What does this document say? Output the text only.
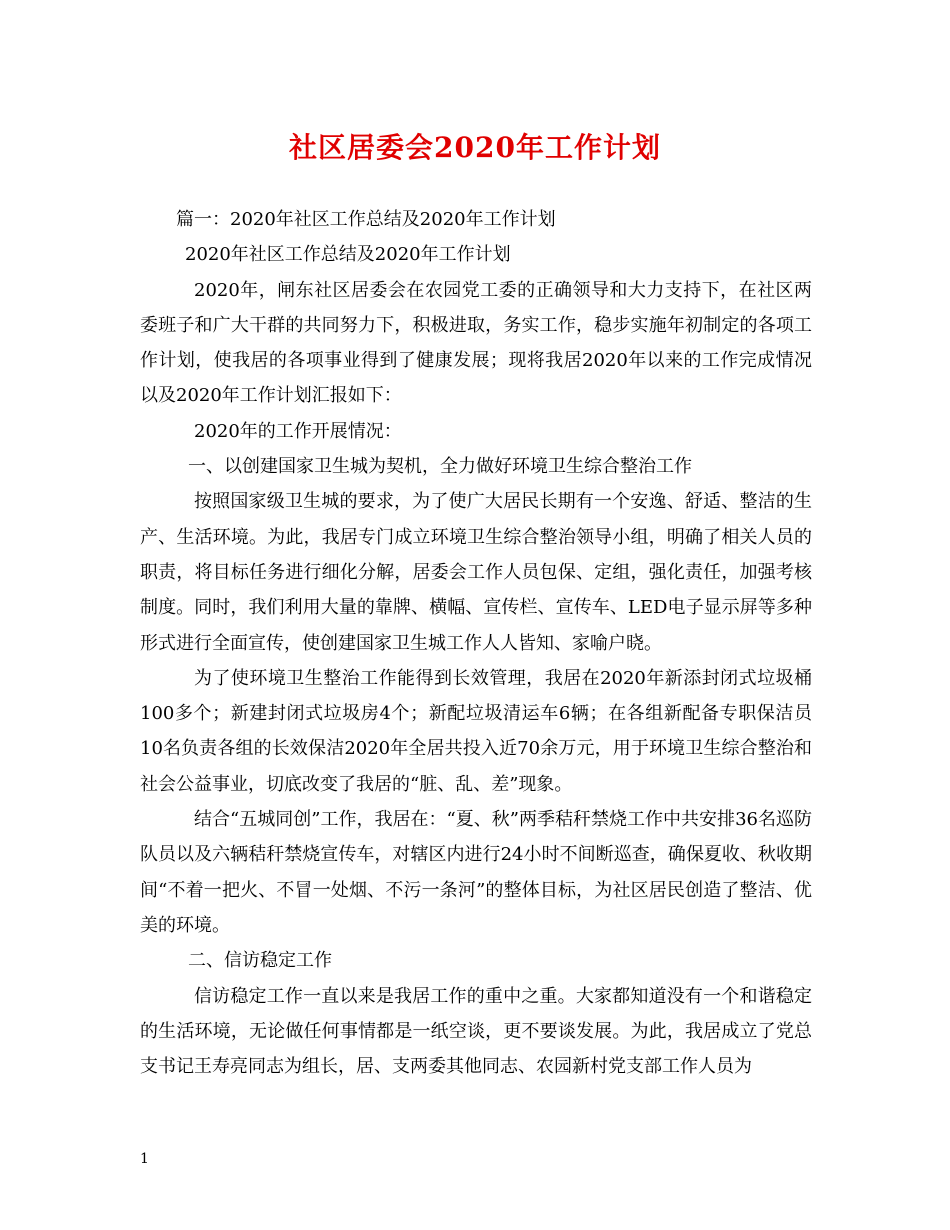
社区居委会2020年工作计划

篇一：2020年社区工作总结及2020年工作计划

2020年社区工作总结及2020年工作计划

2020年，闸东社区居委会在农园党工委的正确领导和大力支持下，在社区两委班子和广大干群的共同努力下，积极进取，务实工作，稳步实施年初制定的各项工作计划，使我居的各项事业得到了健康发展；现将我居2020年以来的工作完成情况以及2020年工作计划汇报如下：

2020年的工作开展情况：

一、以创建国家卫生城为契机，全力做好环境卫生综合整治工作

按照国家级卫生城的要求，为了使广大居民长期有一个安逸、舒适、整洁的生产、生活环境。为此，我居专门成立环境卫生综合整治领导小组，明确了相关人员的职责，将目标任务进行细化分解，居委会工作人员包保、定组，强化责任，加强考核制度。同时，我们利用大量的靠牌、横幅、宣传栏、宣传车、LED电子显示屏等多种形式进行全面宣传，使创建国家卫生城工作人人皆知、家喻户晓。

为了使环境卫生整治工作能得到长效管理，我居在2020年新添封闭式垃圾桶100多个；新建封闭式垃圾房4个；新配垃圾清运车6辆；在各组新配备专职保洁员10名负责各组的长效保洁2020年全居共投入近70余万元，用于环境卫生综合整治和社会公益事业，切底改变了我居的“脏、乱、差”现象。

结合“五城同创”工作，我居在：“夏、秋”两季秸秆禁烧工作中共安排36名巡防队员以及六辆秸秆禁烧宣传车，对辖区内进行24小时不间断巡查，确保夏收、秋收期间“不着一把火、不冒一处烟、不污一条河”的整体目标，为社区居民创造了整洁、优美的环境。

二、信访稳定工作

信访稳定工作一直以来是我居工作的重中之重。大家都知道没有一个和谐稳定的生活环境，无论做任何事情都是一纸空谈，更不要谈发展。为此，我居成立了党总支书记王寿亮同志为组长，居、支两委其他同志、农园新村党支部工作人员为

1
